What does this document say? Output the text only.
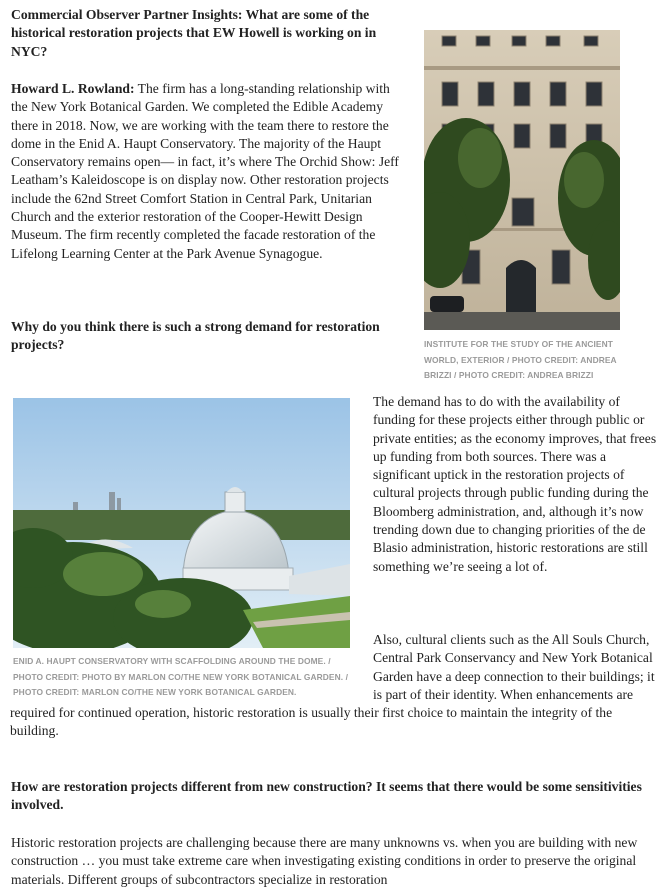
Commercial Observer Partner Insights: What are some of the historical restoration projects that EW Howell is working on in NYC?

Howard L. Rowland: The firm has a long-standing relationship with the New York Botanical Garden. We completed the Edible Academy there in 2018. Now, we are working with the team there to restore the dome in the Enid A. Haupt Conservatory. The majority of the Haupt Conservatory remains open— in fact, it’s where The Orchid Show: Jeff Leatham’s Kaleidoscope is on display now. Other restoration projects include the 62nd Street Comfort Station in Central Park, Unitarian Church and the exterior restoration of the Cooper-Hewitt Design Museum. The firm recently completed the facade restoration of the Lifelong Learning Center at the Park Avenue Synagogue.

Why do you think there is such a strong demand for restoration projects?	INSTITUTE FOR THE STUDY OF THE ANCIENT WORLD, EXTERIOR / PHOTO CREDIT: ANDREA BRIZZI / PHOTO CREDIT: ANDREA BRIZZI

ENID A. HAUPT CONSERVATORY WITH SCAFFOLDING AROUND THE DOME. / PHOTO CREDIT: PHOTO BY MARLON CO/THE NEW YORK BOTANICAL GARDEN. / PHOTO CREDIT: MARLON CO/THE NEW YORK BOTANICAL GARDEN.

The demand has to do with the availability of funding for these projects either through public or private entities; as the economy improves, that frees up funding from both sources. There was a significant uptick in the restoration projects of cultural projects through public funding during the Bloomberg administration, and, although it’s now trending down due to changing priorities of the de Blasio administration, historic restorations are still something we’re seeing a lot of.

Also, cultural clients such as the All Souls Church, Central Park Conservancy and New York Botanical Garden have a deep connection to their buildings; it is part of their identity. When enhancements are required for continued operation, historic restoration is usually their first choice to maintain the integrity of the building.

How are restoration projects different from new construction? It seems that there would be some sensitivities involved.

Historic restoration projects are challenging because there are many unknowns vs. when you are building with new construction … you must take extreme care when investigating existing conditions in order to preserve the original materials. Different groups of subcontractors specialize in restoration
